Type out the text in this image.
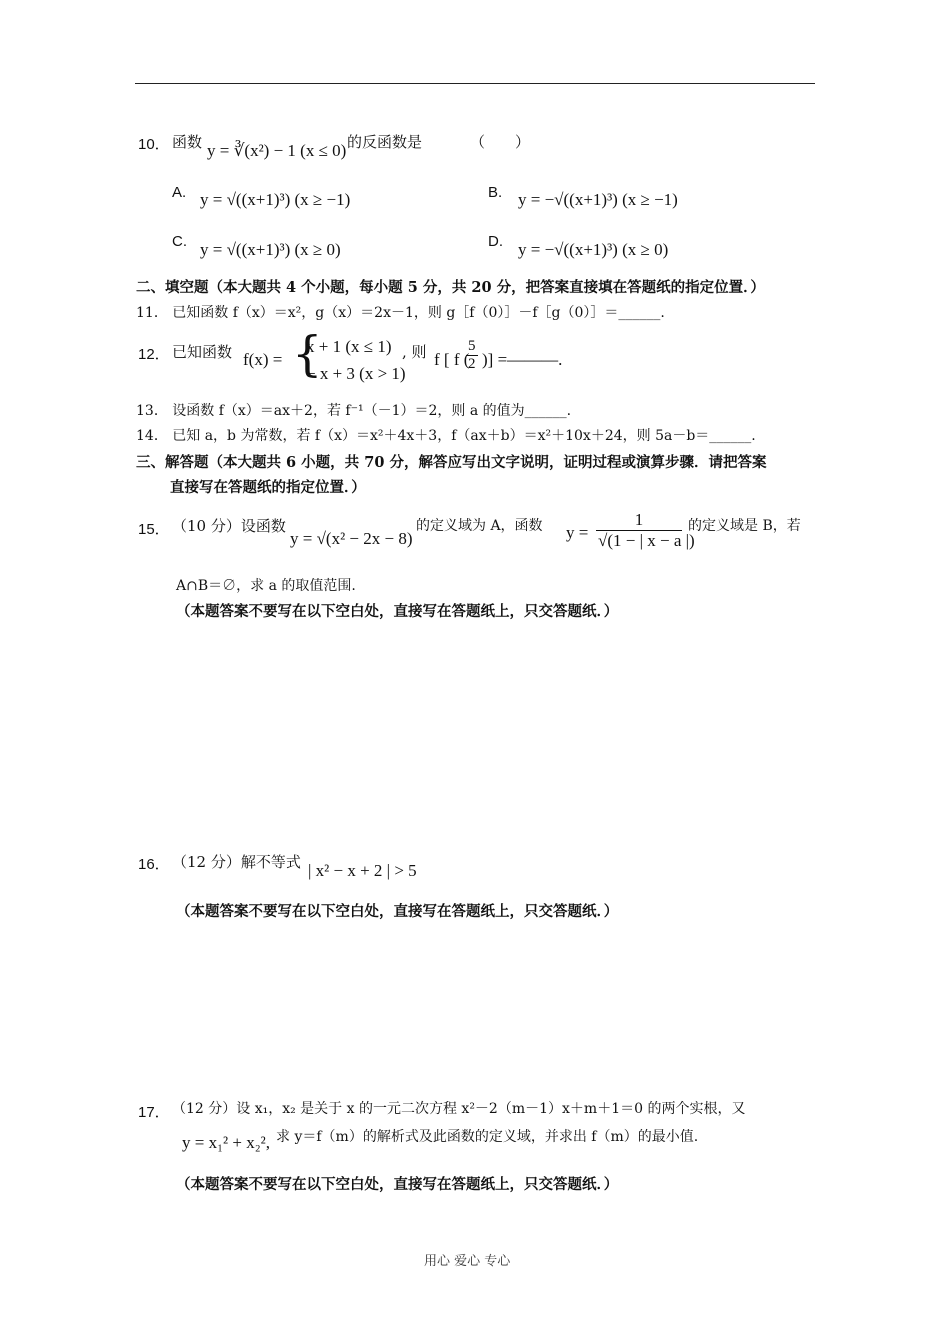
10． 函数 y = ∛(x²) − 1 (x ≤ 0) 的反函数是	（　　）
A. y = √((x+1)³) (x ≥ −1)	B. y = −√((x+1)³) (x ≥ −1)
C. y = √((x+1)³) (x ≥ 0)	D. y = −√((x+1)³) (x ≥ 0)
二、填空题（本大题共 4 个小题，每小题 5 分，共 20 分，把答案直接填在答题纸的指定位置．）
11． 已知函数 f（x）＝x²，g（x）＝2x－1，则 g［f（0）］－f［g（0）］＝______.
12． 已知函数 f(x) = {
x + 1 (x ≤ 1)
− x + 3 (x > 1)
, 则 f [ f (
$\frac{5}{2}$ )] =———.
13． 设函数 f（x）＝ax＋2，若 f⁻¹（－1）＝2，则 a 的值为______.
14． 已知 a，b 为常数，若 f（x）＝x²＋4x＋3，f（ax＋b）＝x²＋10x＋24，则 5a－b＝______.
三、解答题（本大题共 6 小题，共 70 分，解答应写出文字说明，证明过程或演算步骤．请把答案
直接写在答题纸的指定位置．）
15． （10 分）设函数
y = √(x² − 2x − 8)
的定义域为 A，函数 $y = \frac{1}{√(1 - | x - a |)}$ 的定义域是 B，若
A∩B＝∅，求 a 的取值范围.
（本题答案不要写在以下空白处，直接写在答题纸上，只交答题纸．）
16． （12 分）解不等式 | x² − x + 2 | > 5
（本题答案不要写在以下空白处，直接写在答题纸上，只交答题纸．）
17． （12 分）设 x₁，x₂ 是关于 x 的一元二次方程 x²－2（m－1）x＋m＋1＝0 的两个实根，又
y = x₁² + x₂², 求 y＝f（m）的解析式及此函数的定义域，并求出 f（m）的最小值.
（本题答案不要写在以下空白处，直接写在答题纸上，只交答题纸．）
用心 爱心 专心
